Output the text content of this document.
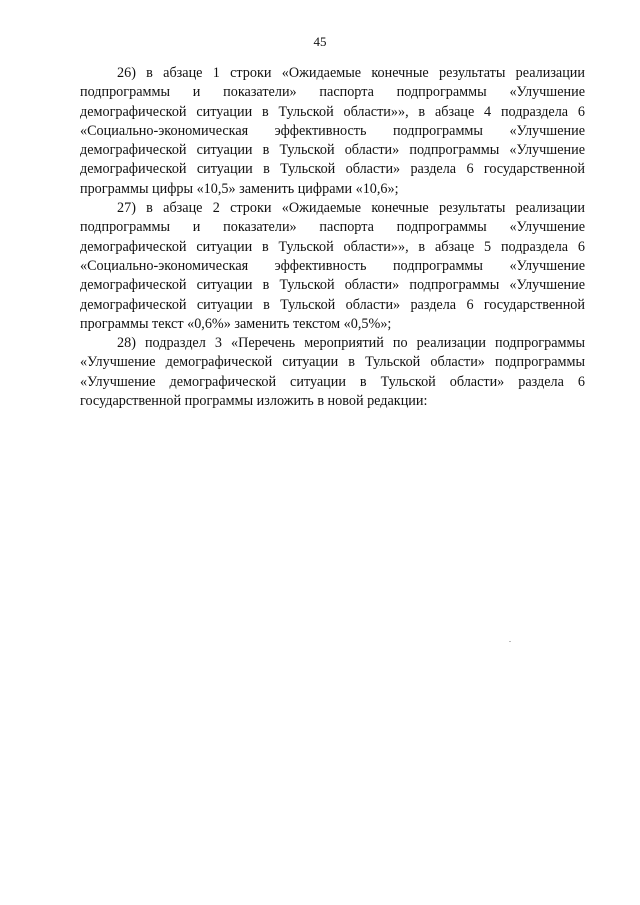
45
26) в абзаце 1 строки «Ожидаемые конечные результаты реализации
подпрограммы и показатели» паспорта подпрограммы «Улучшение
демографической ситуации в Тульской области»», в абзаце 4 подраздела 6
«Социально-экономическая эффективность подпрограммы «Улучшение
демографической ситуации в Тульской области» подпрограммы «Улучшение
демографической ситуации в Тульской области» раздела 6 государственной
программы цифры «10,5» заменить цифрами «10,6»;
27) в абзаце 2 строки «Ожидаемые конечные результаты реализации
подпрограммы и показатели» паспорта подпрограммы «Улучшение
демографической ситуации в Тульской области»», в абзаце 5 подраздела 6
«Социально-экономическая эффективность подпрограммы «Улучшение
демографической ситуации в Тульской области» подпрограммы «Улучшение
демографической ситуации в Тульской области» раздела 6 государственной
программы текст «0,6%» заменить текстом «0,5%»;
28) подраздел 3 «Перечень мероприятий по реализации подпрограммы
«Улучшение демографической ситуации в Тульской области» подпрограммы
«Улучшение демографической ситуации в Тульской области» раздела 6
государственной программы изложить в новой редакции:
